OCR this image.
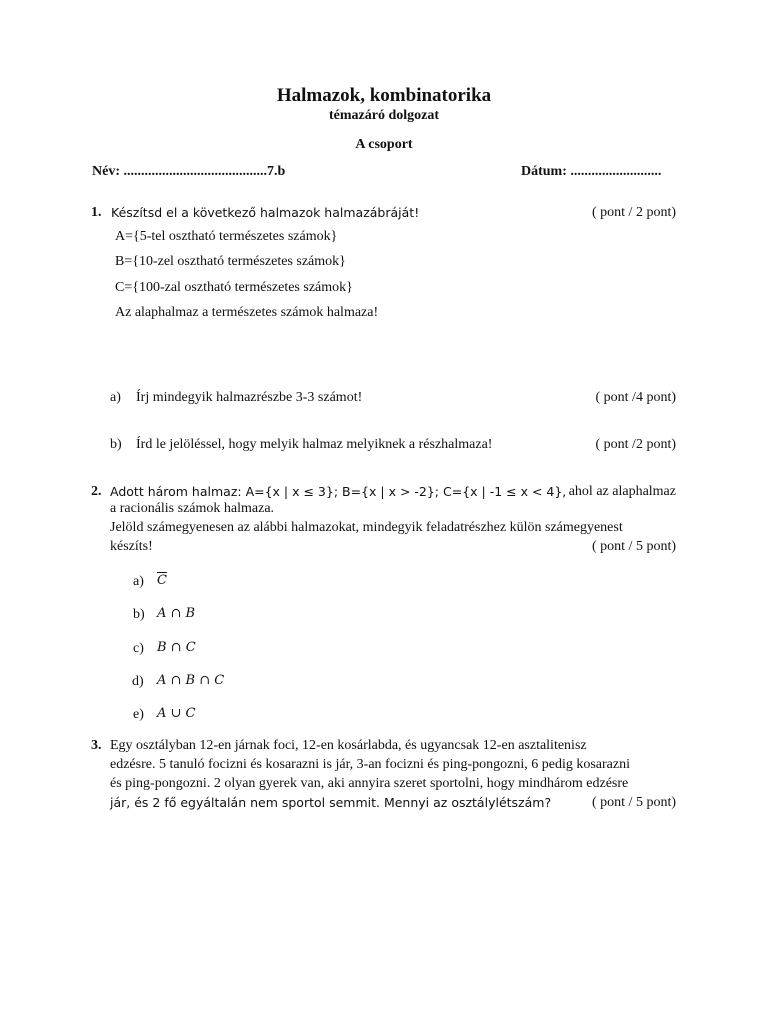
Halmazok, kombinatorika
témazáró dolgozat
A csoport
Név: .........................................7.b	Dátum: ..........................
1. Készítsd el a következő halmazok halmazábráját!	( pont / 2 pont)
A={5-tel osztható természetes számok}
B={10-zel osztható természetes számok}
C={100-zal osztható természetes számok}
Az alaphalmaz a természetes számok halmaza!
a) Írj mindegyik halmazrészbe 3-3 számot!	( pont /4 pont)
b) Írd le jelöléssel, hogy melyik halmaz melyiknek a részhalmaza!	( pont /2 pont)
2. Adott három halmaz: A={x | x ≤ 3}; B={x | x > -2}; C={x | -1 ≤ x < 4}, ahol az alaphalmaz
a racionális számok halmaza.
Jelöld számegyenesen az alábbi halmazokat, mindegyik feladatrészhez külön számegyenest
készíts!	( pont / 5 pont)
a) $\overline{C}$
b) A ∩ B
c) B ∩ C
d) A ∩ B ∩ C
e) A ∪ C
3. Egy osztályban 12-en járnak foci, 12-en kosárlabda, és ugyancsak 12-en asztalitenisz
edzésre. 5 tanuló focizni és kosarazni is jár, 3-an focizni és ping-pongozni, 6 pedig kosarazni
és ping-pongozni. 2 olyan gyerek van, aki annyira szeret sportolni, hogy mindhárom edzésre
jár, és 2 fő egyáltalán nem sportol semmit. Mennyi az osztálylétszám?	( pont / 5 pont)
